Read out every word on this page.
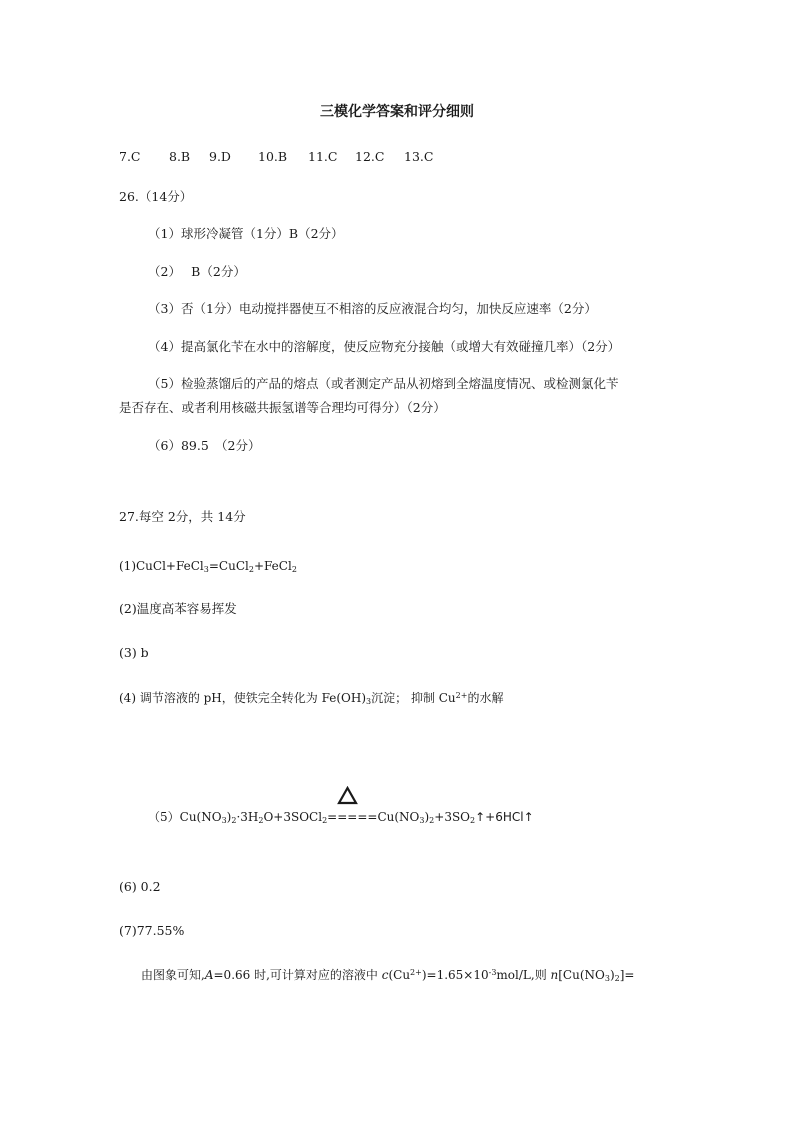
三模化学答案和评分细则
7.C 8.B 9.D 10.B 11.C 12.C 13.C
26.（14分）
（1）球形冷凝管（1分）B（2分）
（2）　 B（2分）
（3）否（1分）电动搅拌器使互不相溶的反应液混合均匀，加快反应速率（2分）
（4）提高氯化苄在水中的溶解度，使反应物充分接触（或增大有效碰撞几率）（2分）
（5）检验蒸馏后的产品的熔点（或者测定产品从初熔到全熔温度情况、或检测氯化苄
是否存在、或者利用核磁共振氢谱等合理均可得分）（2分）
（6）89.5　（2分）
27.每空 2分，共 14分
(1)CuCl+FeCl$_3$=CuCl$_2$+FeCl$_2$
(2)温度高苯容易挥发
(3) b
(4) 调节溶液的 pH，使铁完全转化为 $Fe(OH)_3$沉淀； 抑制 $Cu^{2+}$的水解
$(5)Cu(NO_3)_2\cdot 3H_2O+3SOCl_2=====Cu(NO_3)_2+3SO_2↑+6HCl↑$
(6) 0.2
(7)77.55%
由图象可知,A=0.66 时,可计算对应的溶液中 $c(Cu^{2+})=1.65\times 10^{-3}mol/L$,则 $n[Cu(NO_3)_2]=$
